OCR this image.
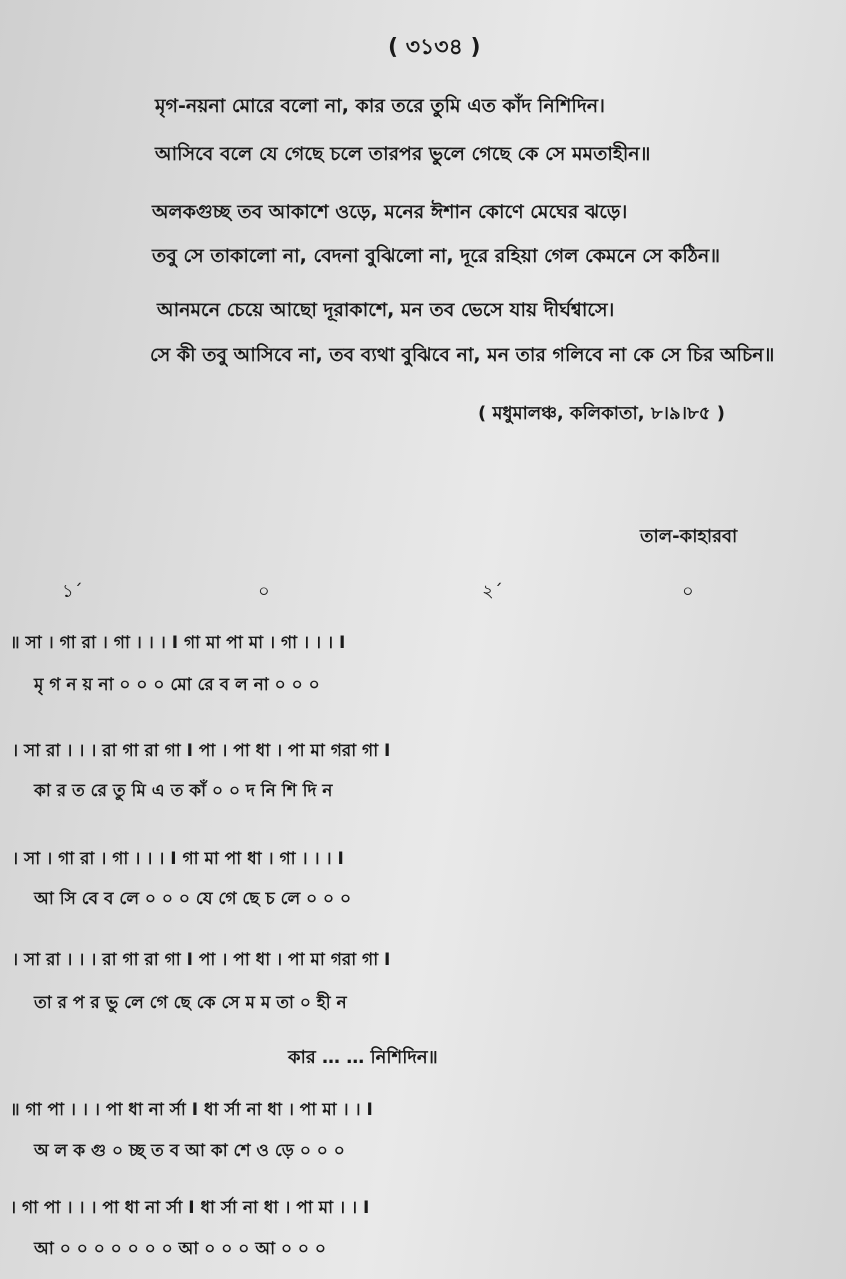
( ৩১৩৪ )
মৃগ-নয়না মোরে বলো না, কার তরে তুমি এত কাঁদ নিশিদিন।
আসিবে বলে যে গেছে চলে তারপর ভুলে গেছে কে সে মমতাহীন॥
অলকগুচ্ছ তব আকাশে ওড়ে, মনের ঈশান কোণে মেঘের ঝড়ে।
তবু সে তাকালো না, বেদনা বুঝিলো না, দূরে রহিয়া গেল কেমনে সে কঠিন॥
আনমনে চেয়ে আছো দূরাকাশে, মন তব ভেসে যায় দীর্ঘশ্বাসে।
সে কী তবু আসিবে না, তব ব্যথা বুঝিবে না, মন তার গলিবে না কে সে চির অচিন॥
( মধুমালঞ্চ, কলিকাতা, ৮।৯।৮৫ )
তাল-কাহারবা
১´	০	২´	০
॥ সা । গা রা । গা । । । I গা মা পা মা । গা । । । I
মৃ গ ন য় না ০ ০ ০ মো রে ব ল না ০ ০ ০
। সা রা । । । রা গা রা গা I পা । পা ধা । পা মা গরা গা I
কা র ত রে তু মি এ ত কাঁ ০ ০ দ নি শি দি ন
। সা । গা রা । গা । । । I গা মা পা ধা । গা । । । I
আ সি বে ব লে ০ ০ ০ যে গে ছে চ লে ০ ০ ০
। সা রা । । । রা গা রা গা I পা । পা ধা । পা মা গরা গা I
তা র প র ভু লে গে ছে কে সে ম ম তা ০ হী ন
কার … … নিশিদিন॥
॥ গা পা । । । পা ধা না র্সা I ধা র্সা না ধা । পা মা । । I
অ ল ক গু ০ চ্ছ ত ব আ কা শে ও ড়ে ০ ০ ০
। গা পা । । । পা ধা না র্সা I ধা র্সা না ধা । পা মা । । I
আ ০ ০ ০ ০ ০ ০ ০ আ ০ ০ ০ আ ০ ০ ০
